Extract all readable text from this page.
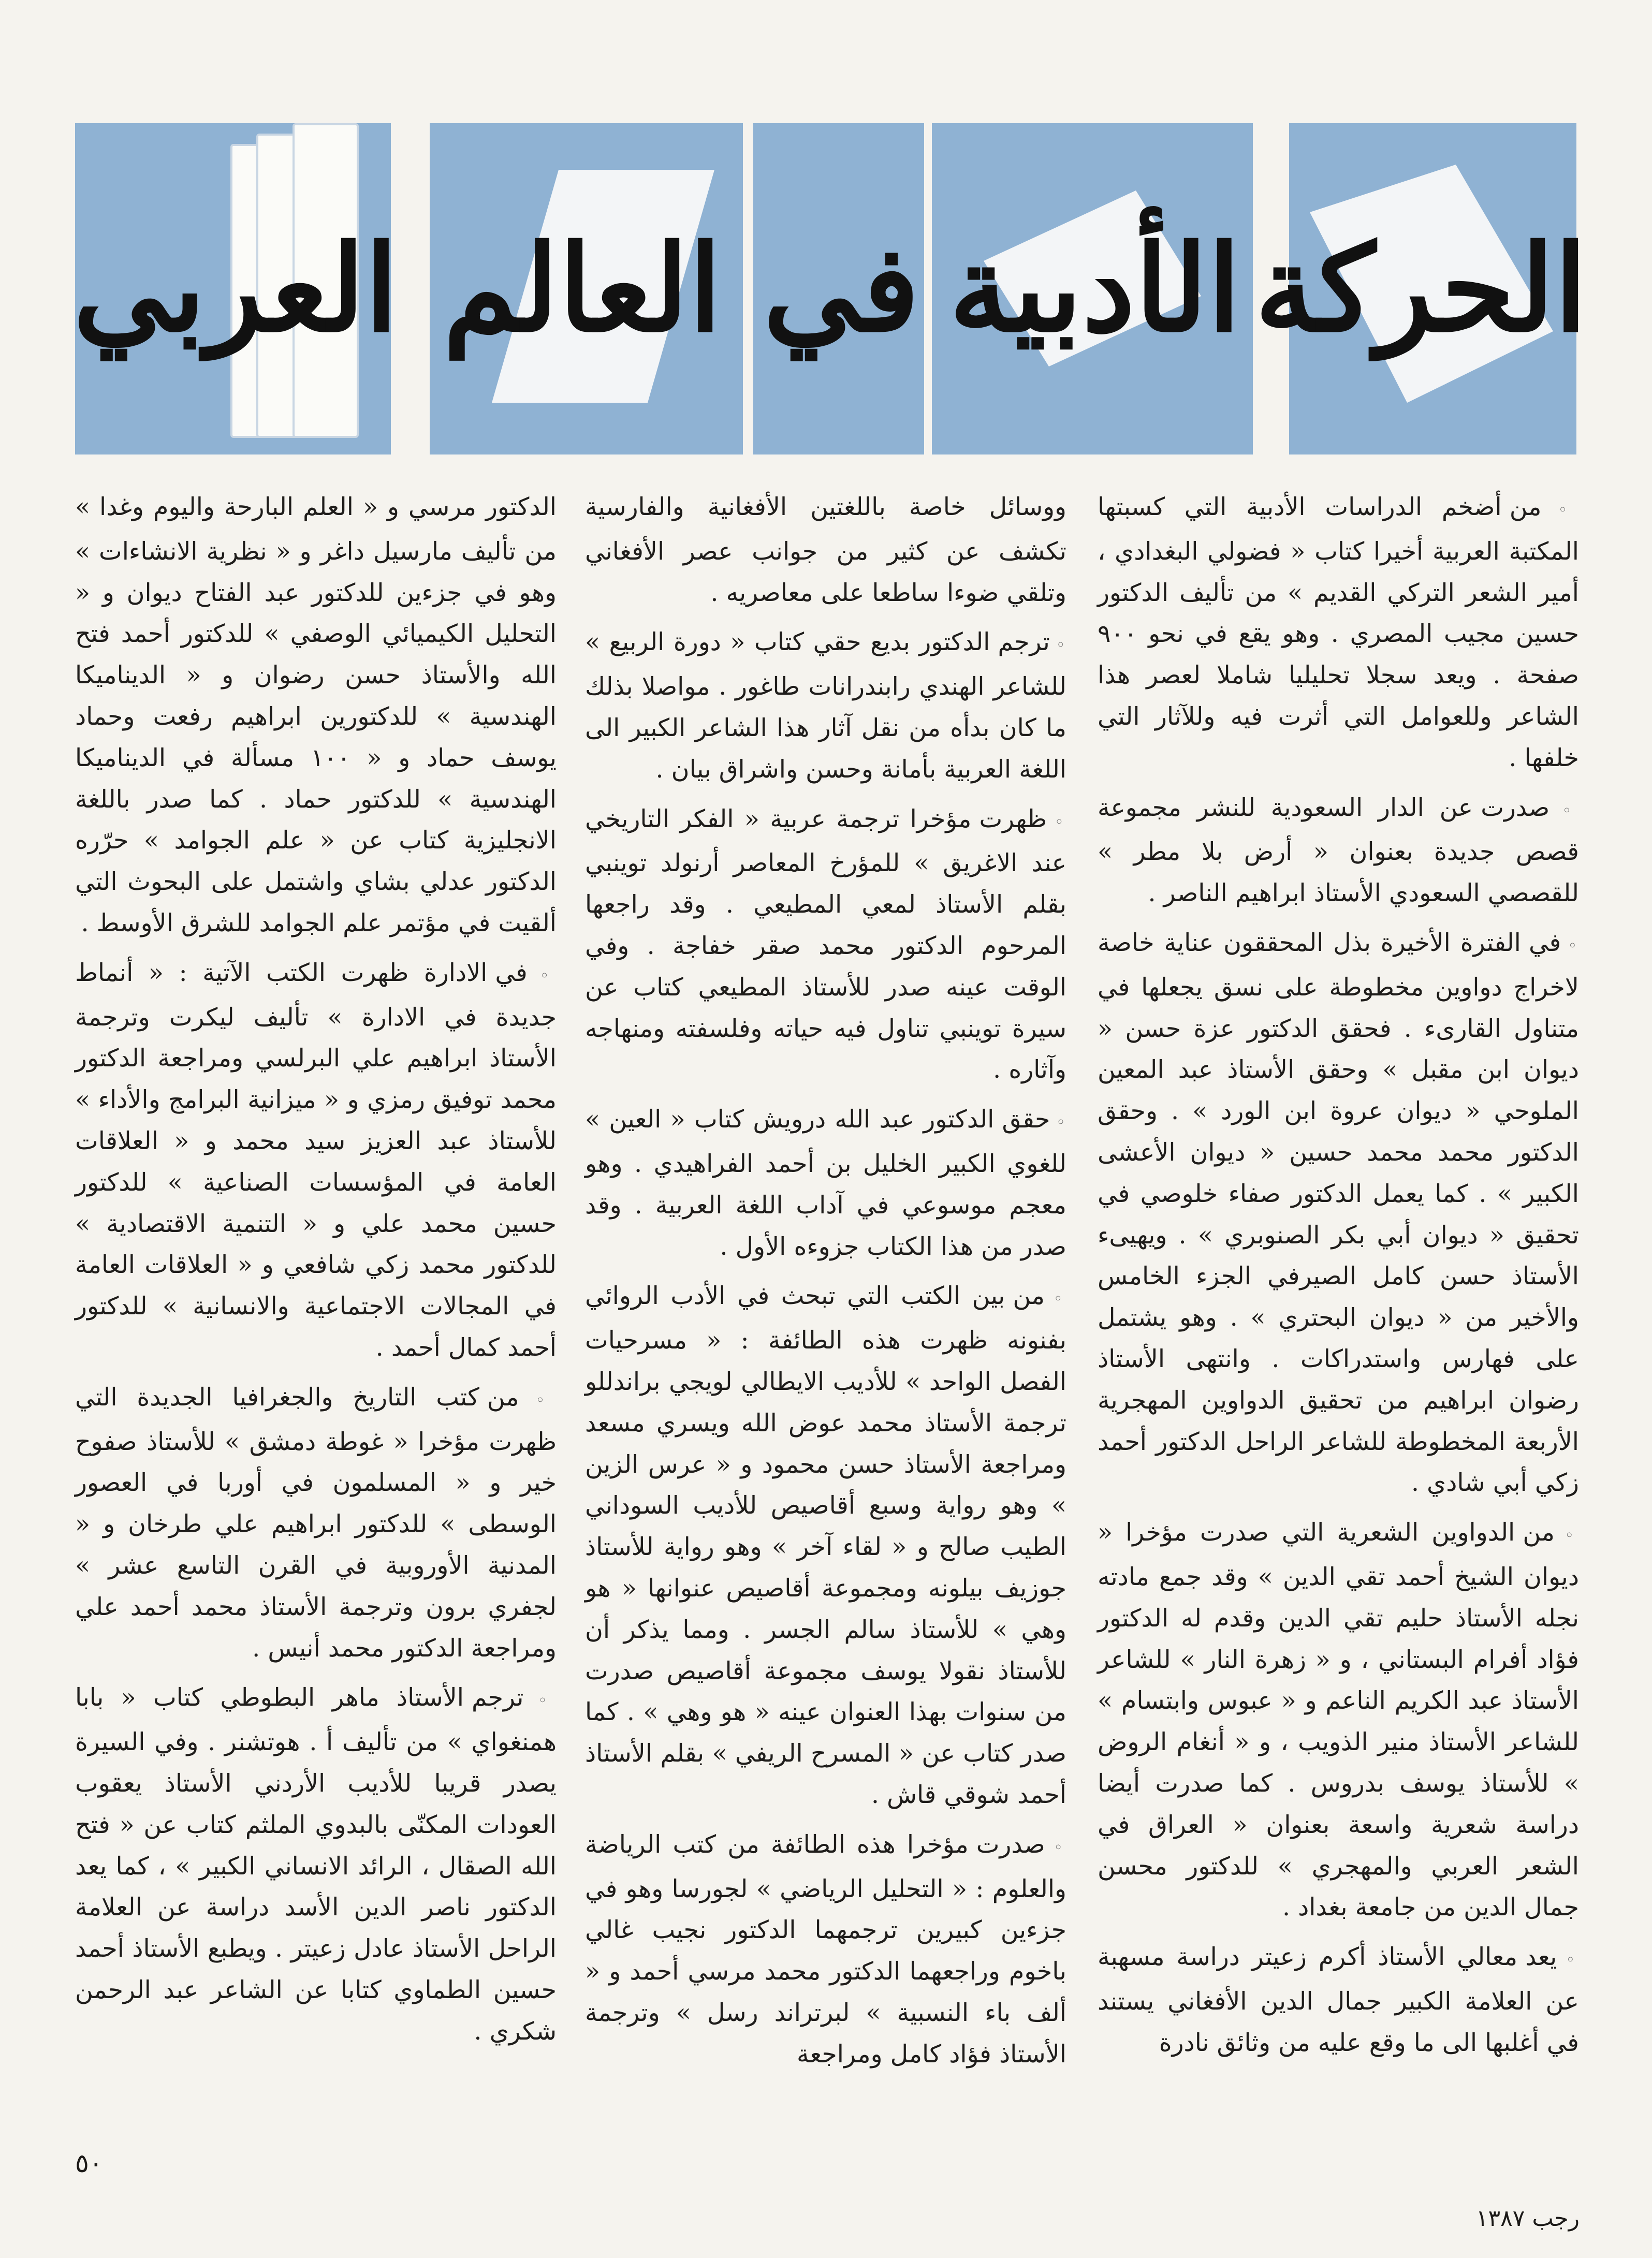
العربي العالم في الأدبية الحركة

◦ من أضخم الدراسات الأدبية التي كسبتها المكتبة العربية أخيرا كتاب « فضولي البغدادي ، أمير الشعر التركي القديم » من تأليف الدكتور حسين مجيب المصري . وهو يقع في نحو ٩٠٠ صفحة . ويعد سجلا تحليليا شاملا لعصر هذا الشاعر وللعوامل التي أثرت فيه وللآثار التي خلفها .

◦ صدرت عن الدار السعودية للنشر مجموعة قصص جديدة بعنوان « أرض بلا مطر » للقصصي السعودي الأستاذ ابراهيم الناصر .

◦ في الفترة الأخيرة بذل المحققون عناية خاصة لاخراج دواوين مخطوطة على نسق يجعلها في متناول القارىء . فحقق الدكتور عزة حسن « ديوان ابن مقبل » وحقق الأستاذ عبد المعين الملوحي « ديوان عروة ابن الورد » . وحقق الدكتور محمد محمد حسين « ديوان الأعشى الكبير » . كما يعمل الدكتور صفاء خلوصي في تحقيق « ديوان أبي بكر الصنوبري » . ويهيىء الأستاذ حسن كامل الصيرفي الجزء الخامس والأخير من « ديوان البحتري » . وهو يشتمل على فهارس واستدراكات . وانتهى الأستاذ رضوان ابراهيم من تحقيق الدواوين المهجرية الأربعة المخطوطة للشاعر الراحل الدكتور أحمد زكي أبي شادي .

◦ من الدواوين الشعرية التي صدرت مؤخرا « ديوان الشيخ أحمد تقي الدين » وقد جمع مادته نجله الأستاذ حليم تقي الدين وقدم له الدكتور فؤاد أفرام البستاني ، و « زهرة النار » للشاعر الأستاذ عبد الكريم الناعم و « عبوس وابتسام » للشاعر الأستاذ منير الذويب ، و « أنغام الروض » للأستاذ يوسف بدروس . كما صدرت أيضا دراسة شعرية واسعة بعنوان « العراق في الشعر العربي والمهجري » للدكتور محسن جمال الدين من جامعة بغداد .

◦ يعد معالي الأستاذ أكرم زعيتر دراسة مسهبة عن العلامة الكبير جمال الدين الأفغاني يستند في أغلبها الى ما وقع عليه من وثائق نادرة

ووسائل خاصة باللغتين الأفغانية والفارسية تكشف عن كثير من جوانب عصر الأفغاني وتلقي ضوءا ساطعا على معاصريه .

◦ ترجم الدكتور بديع حقي كتاب « دورة الربيع » للشاعر الهندي رابندرانات طاغور . مواصلا بذلك ما كان بدأه من نقل آثار هذا الشاعر الكبير الى اللغة العربية بأمانة وحسن واشراق بيان .

◦ ظهرت مؤخرا ترجمة عربية « الفكر التاريخي عند الاغريق » للمؤرخ المعاصر أرنولد توينبي بقلم الأستاذ لمعي المطيعي . وقد راجعها المرحوم الدكتور محمد صقر خفاجة . وفي الوقت عينه صدر للأستاذ المطيعي كتاب عن سيرة توينبي تناول فيه حياته وفلسفته ومنهاجه وآثاره .

◦ حقق الدكتور عبد الله درويش كتاب « العين » للغوي الكبير الخليل بن أحمد الفراهيدي . وهو معجم موسوعي في آداب اللغة العربية . وقد صدر من هذا الكتاب جزوءه الأول .

◦ من بين الكتب التي تبحث في الأدب الروائي بفنونه ظهرت هذه الطائفة : « مسرحيات الفصل الواحد » للأديب الايطالي لويجي براندللو ترجمة الأستاذ محمد عوض الله ويسري مسعد ومراجعة الأستاذ حسن محمود و « عرس الزين » وهو رواية وسبع أقاصيص للأديب السوداني الطيب صالح و « لقاء آخر » وهو رواية للأستاذ جوزيف بيلونه ومجموعة أقاصيص عنوانها « هو وهي » للأستاذ سالم الجسر . ومما يذكر أن للأستاذ نقولا يوسف مجموعة أقاصيص صدرت من سنوات بهذا العنوان عينه « هو وهي » . كما صدر كتاب عن « المسرح الريفي » بقلم الأستاذ أحمد شوقي قاش .

◦ صدرت مؤخرا هذه الطائفة من كتب الرياضة والعلوم : « التحليل الرياضي » لجورسا وهو في جزءين كبيرين ترجمهما الدكتور نجيب غالي باخوم وراجعهما الدكتور محمد مرسي أحمد و « ألف باء النسبية » لبرتراند رسل » وترجمة الأستاذ فؤاد كامل ومراجعة

الدكتور مرسي و « العلم البارحة واليوم وغدا » من تأليف مارسيل داغر و « نظرية الانشاءات » وهو في جزءين للدكتور عبد الفتاح ديوان و « التحليل الكيميائي الوصفي » للدكتور أحمد فتح الله والأستاذ حسن رضوان و « الديناميكا الهندسية » للدكتورين ابراهيم رفعت وحماد يوسف حماد و « ١٠٠ مسألة في الديناميكا الهندسية » للدكتور حماد . كما صدر باللغة الانجليزية كتاب عن « علم الجوامد » حرّره الدكتور عدلي بشاي واشتمل على البحوث التي ألقيت في مؤتمر علم الجوامد للشرق الأوسط .

◦ في الادارة ظهرت الكتب الآتية : « أنماط جديدة في الادارة » تأليف ليكرت وترجمة الأستاذ ابراهيم علي البرلسي ومراجعة الدكتور محمد توفيق رمزي و « ميزانية البرامج والأداء » للأستاذ عبد العزيز سيد محمد و « العلاقات العامة في المؤسسات الصناعية » للدكتور حسين محمد علي و « التنمية الاقتصادية » للدكتور محمد زكي شافعي و « العلاقات العامة في المجالات الاجتماعية والانسانية » للدكتور أحمد كمال أحمد .

◦ من كتب التاريخ والجغرافيا الجديدة التي ظهرت مؤخرا « غوطة دمشق » للأستاذ صفوح خير و « المسلمون في أوربا في العصور الوسطى » للدكتور ابراهيم علي طرخان و « المدنية الأوروبية في القرن التاسع عشر » لجفري برون وترجمة الأستاذ محمد أحمد علي ومراجعة الدكتور محمد أنيس .

◦ ترجم الأستاذ ماهر البطوطي كتاب « بابا همنغواي » من تأليف أ . هوتشنر . وفي السيرة يصدر قريبا للأديب الأردني الأستاذ يعقوب العودات المكنّى بالبدوي الملثم كتاب عن « فتح الله الصقال ، الرائد الانساني الكبير » ، كما يعد الدكتور ناصر الدين الأسد دراسة عن العلامة الراحل الأستاذ عادل زعيتر . ويطبع الأستاذ أحمد حسين الطماوي كتابا عن الشاعر عبد الرحمن شكري .

٥٠
رجب ١٣٨٧
